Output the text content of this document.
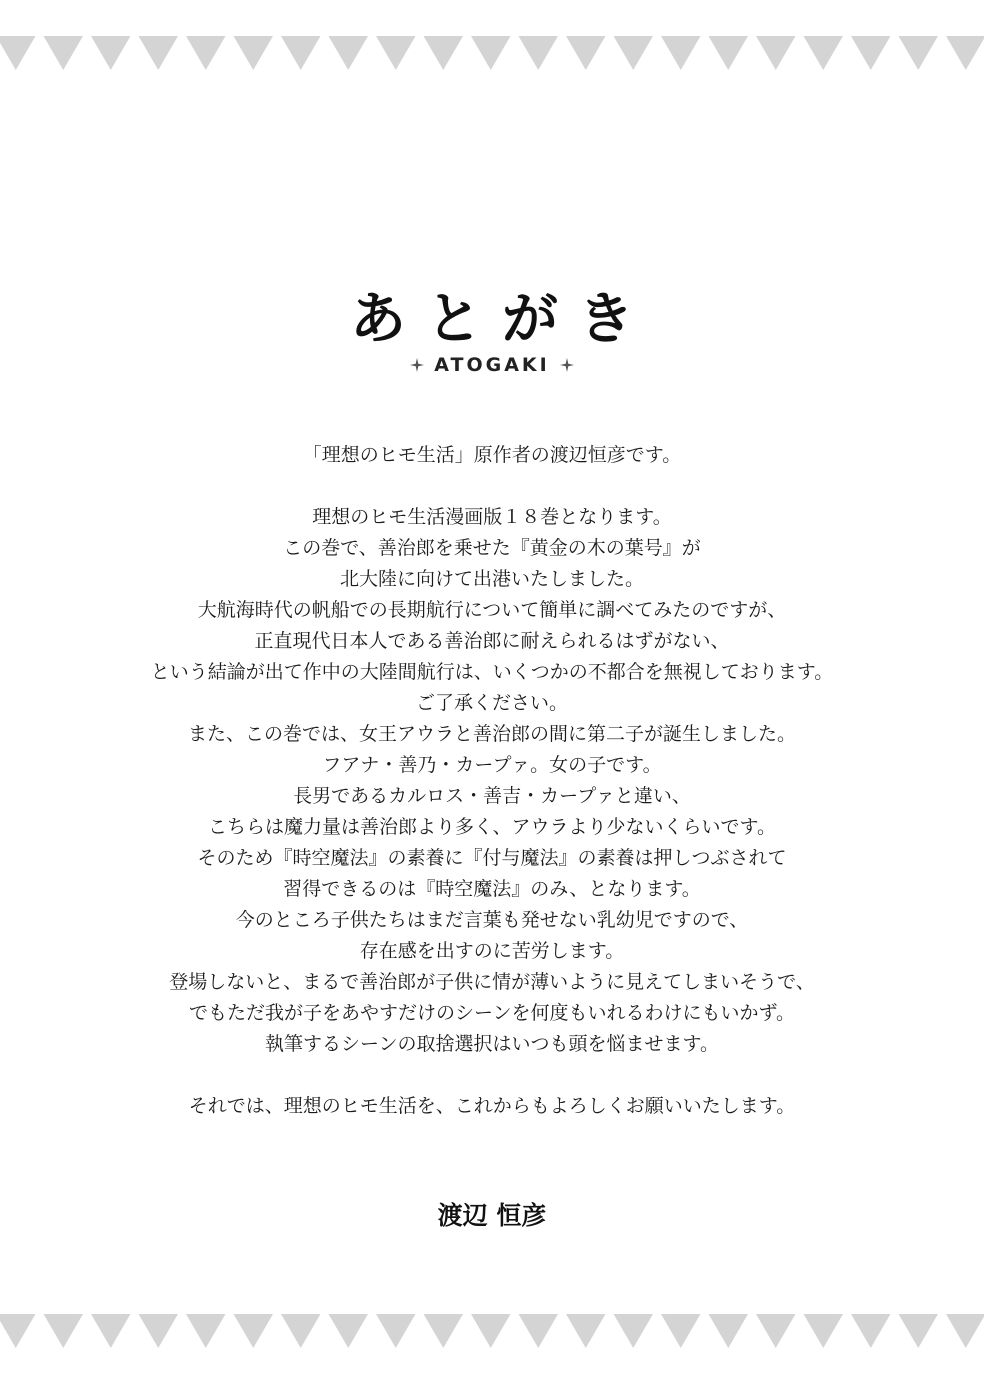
あとがき
ATOGAKI

「理想のヒモ生活」原作者の渡辺恒彦です。

理想のヒモ生活漫画版１８巻となります。

この巻で、善治郎を乗せた『黄金の木の葉号』が

北大陸に向けて出港いたしました。

大航海時代の帆船での長期航行について簡単に調べてみたのですが、

正直現代日本人である善治郎に耐えられるはずがない、

という結論が出て作中の大陸間航行は、いくつかの不都合を無視しております。

ご了承ください。

また、この巻では、女王アウラと善治郎の間に第二子が誕生しました。

フアナ・善乃・カープァ。女の子です。

長男であるカルロス・善吉・カープァと違い、

こちらは魔力量は善治郎より多く、アウラより少ないくらいです。

そのため『時空魔法』の素養に『付与魔法』の素養は押しつぶされて

習得できるのは『時空魔法』のみ、となります。

今のところ子供たちはまだ言葉も発せない乳幼児ですので、

存在感を出すのに苦労します。

登場しないと、まるで善治郎が子供に情が薄いように見えてしまいそうで、

でもただ我が子をあやすだけのシーンを何度もいれるわけにもいかず。

執筆するシーンの取捨選択はいつも頭を悩ませます。

それでは、理想のヒモ生活を、これからもよろしくお願いいたします。

渡辺 恒彦
